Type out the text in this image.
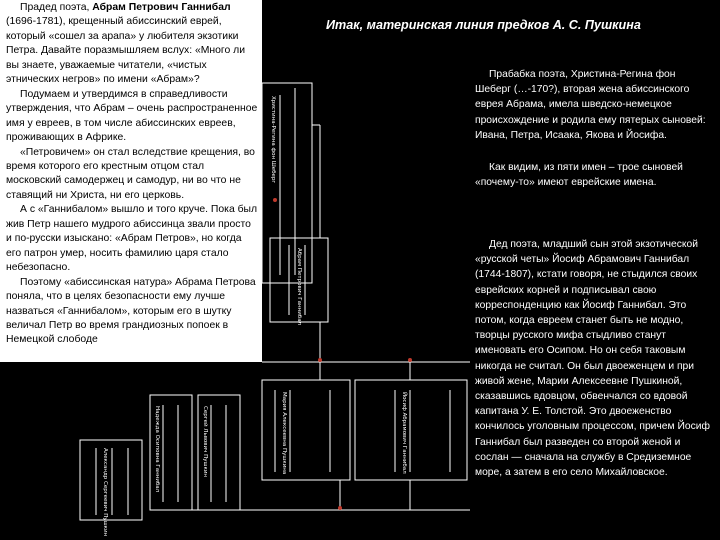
Прадед поэта, Абрам Петрович Ганнибал (1696-1781), крещенный абиссинский еврей, который «сошел за арапа» у любителя экзотики Петра. Давайте поразмышляем вслух: «Много ли вы знаете, уважаемые читатели, «чистых этнических негров» по имени «Абрам»?

Подумаем и утвердимся в справедливости утверждения, что Абрам – очень распространенное имя у евреев, в том числе абиссинских евреев, проживающих в Африке.

«Петровичем» он стал вследствие крещения, во время которого его крестным отцом стал московский самодержец и самодур, ни во что не ставящий ни Христа, ни его церковь.

А с «Ганнибалом» вышло и того круче. Пока был жив Петр нашего мудрого абиссинца звали просто и по-русски изыскано: «Абрам Петров», но когда его патрон умер, носить фамилию царя стало небезопасно.

Поэтому «абиссинская натура» Абрама Петрова поняла, что в целях безопасности ему лучше назваться «Ганнибалом», которым его в шутку величал Петр во время грандиозных попоек в Немецкой слободе

Христина-Регина фон Шеберг
Абрам Петрович Ганнибал
Мария Алексеевна Пушкина	Йосиф Абрамович Ганнибал
Надежда Осиповна Ганнибал	Сергей Львович Пушкин
Александр Сергеевич Пушкин
Итак, материнская линия предков А. С. Пушкина

Прабабка поэта, Христина-Регина фон Шеберг (…-170?), вторая жена абиссинского еврея Абрама, имела шведско-немецкое происхождение и родила ему пятерых сыновей: Ивана, Петра, Исаака, Якова и Йосифа.

Как видим, из пяти имен – трое сыновей «почему-то» имеют еврейские имена.

Дед поэта, младший сын этой экзотической «русской четы» Йосиф Абрамович Ганнибал (1744-1807), кстати говоря, не стыдился своих еврейских корней и подписывал свою корреспонденцию как Йосиф Ганнибал. Это потом, когда евреем станет быть не модно, творцы русского мифа стыдливо станут именовать его Осипом. Но он себя таковым никогда не считал. Он был двоеженцем и при живой жене, Марии Алексеевне Пушкиной, сказавшись вдовцом, обвенчался со вдовой капитана У. Е. Толстой. Это двоеженство кончилось уголовным процессом, причем Йосиф Ганнибал был разведен со второй женой и сослан — сначала на службу в Средиземное море, а затем в его село Михайловское.
